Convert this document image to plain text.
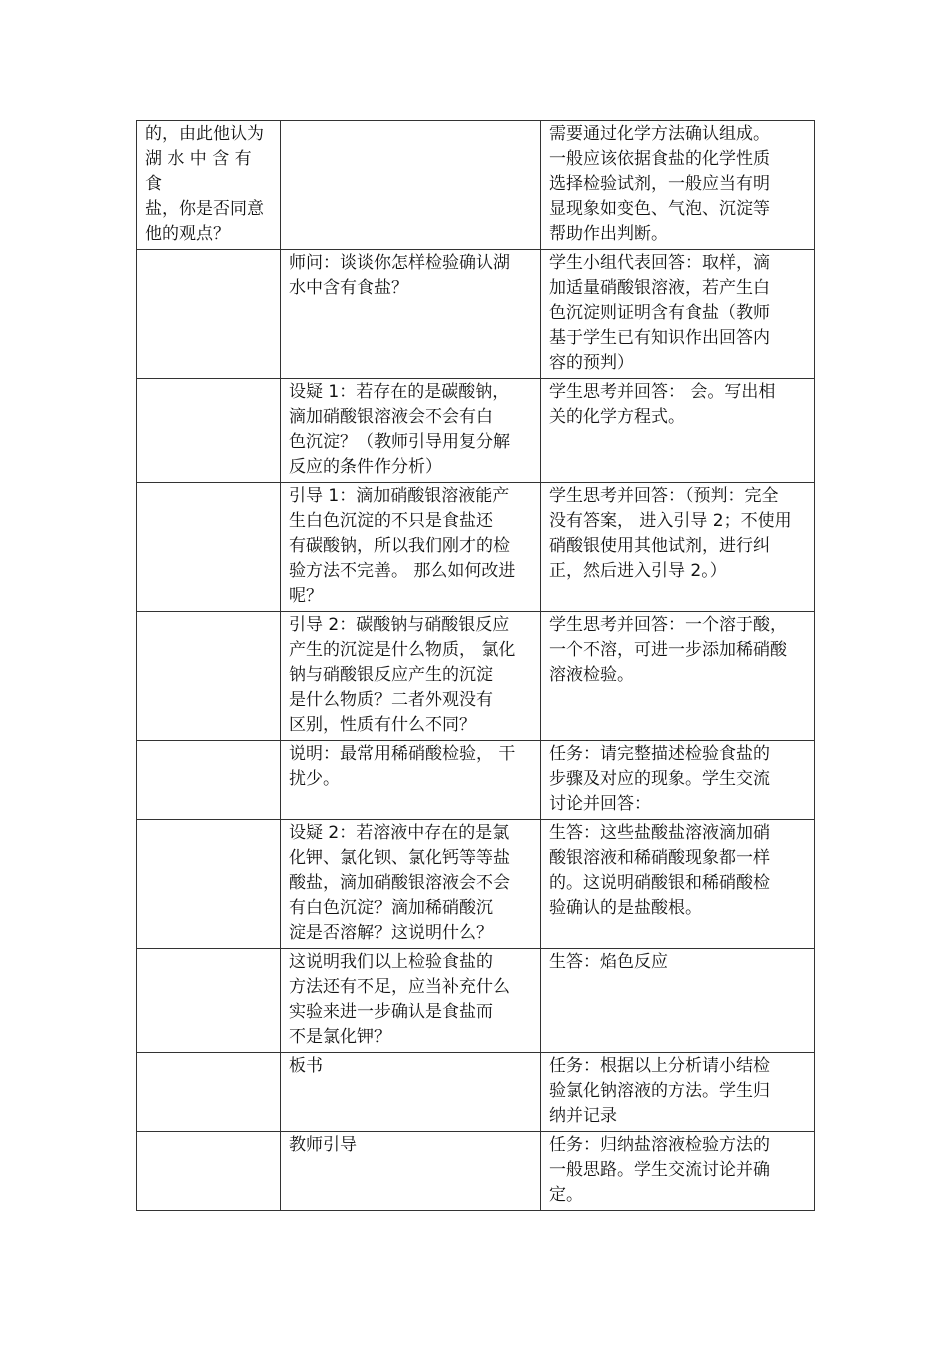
的，由此他认为
湖 水 中 含 有 食
盐，你是否同意
他的观点？		需要通过化学方法确认组成。
一般应该依据食盐的化学性质
选择检验试剂，一般应当有明
显现象如变色、气泡、沉淀等
帮助作出判断。
	师问：谈谈你怎样检验确认湖
水中含有食盐？	学生小组代表回答：取样，滴
加适量硝酸银溶液，若产生白
色沉淀则证明含有食盐（教师
基于学生已有知识作出回答内
容的预判）
	设疑 1：若存在的是碳酸钠，
滴加硝酸银溶液会不会有白
色沉淀？（教师引导用复分解
反应的条件作分析）	学生思考并回答： 会。写出相
关的化学方程式。
	引导 1：滴加硝酸银溶液能产
生白色沉淀的不只是食盐还
有碳酸钠，所以我们刚才的检
验方法不完善。 那么如何改进
呢？	学生思考并回答：（预判：完全
没有答案， 进入引导 2；不使用
硝酸银使用其他试剂，进行纠
正，然后进入引导 2。）
	引导 2：碳酸钠与硝酸银反应
产生的沉淀是什么物质， 氯化
钠与硝酸银反应产生的沉淀
是什么物质？二者外观没有
区别，性质有什么不同？	学生思考并回答：一个溶于酸，
一个不溶，可进一步添加稀硝酸
溶液检验。
	说明：最常用稀硝酸检验， 干
扰少。	任务：请完整描述检验食盐的
步骤及对应的现象。学生交流
讨论并回答：
	设疑 2：若溶液中存在的是氯
化钾、氯化钡、氯化钙等等盐
酸盐，滴加硝酸银溶液会不会
有白色沉淀？滴加稀硝酸沉
淀是否溶解？这说明什么？	生答：这些盐酸盐溶液滴加硝
酸银溶液和稀硝酸现象都一样
的。这说明硝酸银和稀硝酸检
验确认的是盐酸根。
	这说明我们以上检验食盐的
方法还有不足，应当补充什么
实验来进一步确认是食盐而
不是氯化钾？	生答：焰色反应
	板书	任务：根据以上分析请小结检
验氯化钠溶液的方法。学生归
纳并记录
	教师引导	任务：归纳盐溶液检验方法的
一般思路。学生交流讨论并确
定。
